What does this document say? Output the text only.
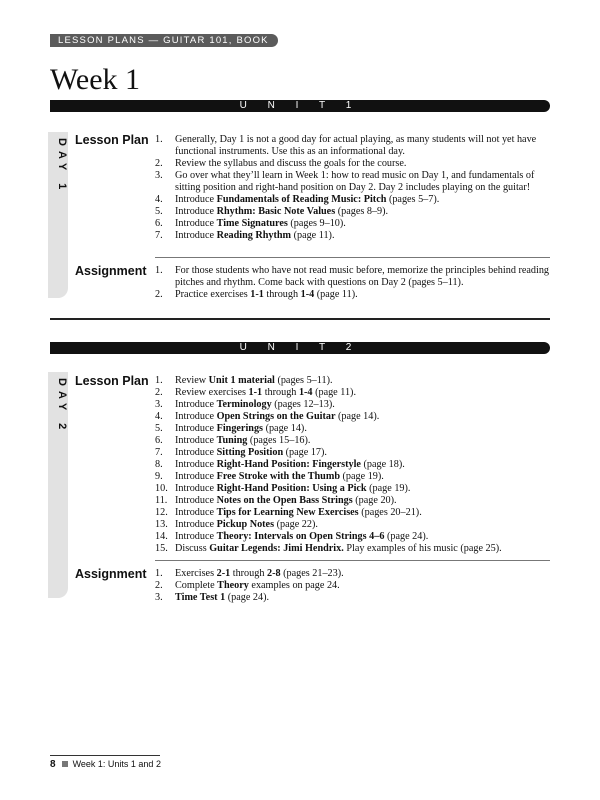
LESSON PLANS — GUITAR 101, BOOK 1
Week 1
U N I T 1
DAY 1 Lesson Plan 1.	Generally, Day 1 is not a good day for actual playing, as many students will not yet have functional instruments. Use this as an informational day.
2.	Review the syllabus and discuss the goals for the course.
3.	Go over what they’ll learn in Week 1: how to read music on Day 1, and fundamentals of sitting position and right-hand position on Day 2. Day 2 includes playing on the guitar!
4.	Introduce Fundamentals of Reading Music: Pitch (pages 5–7).
5.	Introduce Rhythm: Basic Note Values (pages 8–9).
6.	Introduce Time Signatures (pages 9–10).
7.	Introduce Reading Rhythm (page 11).
Assignment 1.	For those students who have not read music before, memorize the principles behind reading pitches and rhythm. Come back with questions on Day 2 (pages 5–11).
2.	Practice exercises 1-1 through 1-4 (page 11).
U N I T 2
DAY 2 Lesson Plan 1.	Review Unit 1 material (pages 5–11).
2.	Review exercises 1-1 through 1-4 (page 11).
3.	Introduce Terminology (pages 12–13).
4.	Introduce Open Strings on the Guitar (page 14).
5.	Introduce Fingerings (page 14).
6.	Introduce Tuning (pages 15–16).
7.	Introduce Sitting Position (page 17).
8.	Introduce Right-Hand Position: Fingerstyle (page 18).
9.	Introduce Free Stroke with the Thumb (page 19).
10. Introduce Right-Hand Position: Using a Pick (page 19).
11. Introduce Notes on the Open Bass Strings (page 20).
12. Introduce Tips for Learning New Exercises (pages 20–21).
13. Introduce Pickup Notes (page 22).
14. Introduce Theory: Intervals on Open Strings 4–6 (page 24).
15. Discuss Guitar Legends: Jimi Hendrix. Play examples of his music (page 25).
Assignment 1.	Exercises 2-1 through 2-8 (pages 21–23).
2.	Complete Theory examples on page 24.
3.	Time Test 1 (page 24).
8 Week 1: Units 1 and 2
